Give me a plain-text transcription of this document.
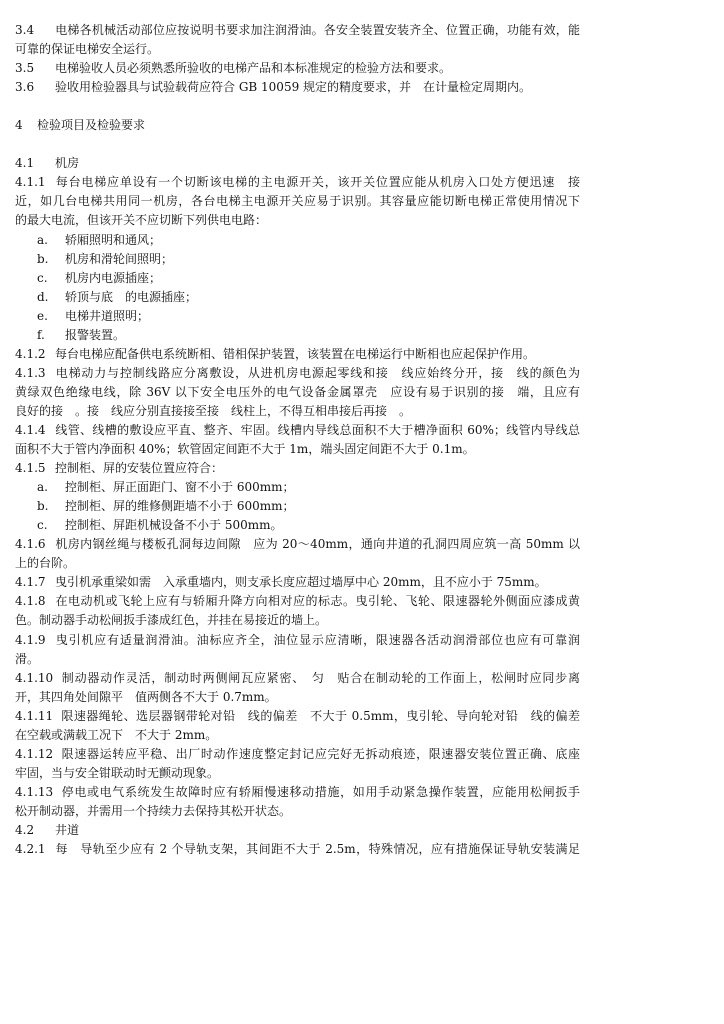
3.4 电梯各机械活动部位应按说明书要求加注润滑油。各安全装置安装齐全、位置正确，功能有效，能
可靠的保证电梯安全运行。
3.5 电梯验收人员必须熟悉所验收的电梯产品和本标准规定的检验方法和要求。
3.6 验收用检验器具与试验载荷应符合 GB 10059 规定的精度要求，并　在计量检定周期内。
4 检验项目及检验要求
4.1 机房
4.1.1 每台电梯应单设有一个切断该电梯的主电源开关，该开关位置应能从机房入口处方便迅速　接
近，如几台电梯共用同一机房，各台电梯主电源开关应易于识别。其容量应能切断电梯正常使用情况下
的最大电流，但该开关不应切断下列供电电路：
a. 轿厢照明和通风；
b. 机房和滑轮间照明；
c. 机房内电源插座；
d. 轿顶与底　的电源插座；
e. 电梯井道照明；
f. 报警装置。
4.1.2 每台电梯应配备供电系统断相、错相保护装置，该装置在电梯运行中断相也应起保护作用。
4.1.3 电梯动力与控制线路应分离敷设，从进机房电源起零线和接　线应始终分开，接　线的颜色为
黄绿双色绝缘电线，除 36V 以下安全电压外的电气设备金属罩壳　应设有易于识别的接　端，且应有
良好的接　。接　线应分别直接接至接　线柱上，不得互相串接后再接　。
4.1.4 线管、线槽的敷设应平直、整齐、牢固。线槽内导线总面积不大于槽净面积 60%；线管内导线总
面积不大于管内净面积 40%；软管固定间距不大于 1m，端头固定间距不大于 0.1m。
4.1.5 控制柜、屏的安装位置应符合：
a. 控制柜、屏正面距门、窗不小于 600mm；
b. 控制柜、屏的维修侧距墙不小于 600mm；
c. 控制柜、屏距机械设备不小于 500mm。
4.1.6 机房内钢丝绳与楼板孔洞每边间隙　应为 20～40mm，通向井道的孔洞四周应筑一高 50mm 以
上的台阶。
4.1.7 曳引机承重梁如需　入承重墙内，则支承长度应超过墙厚中心 20mm，且不应小于 75mm。
4.1.8 在电动机或飞轮上应有与轿厢升降方向相对应的标志。曳引轮、飞轮、限速器轮外侧面应漆成黄
色。制动器手动松闸扳手漆成红色，并挂在易接近的墙上。
4.1.9 曳引机应有适量润滑油。油标应齐全，油位显示应清晰，限速器各活动润滑部位也应有可靠润
滑。
4.1.10 制动器动作灵活，制动时两侧闸瓦应紧密、　匀　贴合在制动轮的工作面上，松闸时应同步离
开，其四角处间隙平　值两侧各不大于 0.7mm。
4.1.11 限速器绳轮、选层器钢带轮对铅　线的偏差　不大于 0.5mm，曳引轮、导向轮对铅　线的偏差
在空载或满载工况下　不大于 2mm。
4.1.12 限速器运转应平稳、出厂时动作速度整定封记应完好无拆动痕迹，限速器安装位置正确、底座
牢固，当与安全钳联动时无颤动现象。
4.1.13 停电或电气系统发生故障时应有轿厢慢速移动措施，如用手动紧急操作装置，应能用松闸扳手
松开制动器，并需用一个持续力去保持其松开状态。
4.2 井道
4.2.1 每　导轨至少应有 2 个导轨支架，其间距不大于 2.5m，特殊情况，应有措施保证导轨安装满足
